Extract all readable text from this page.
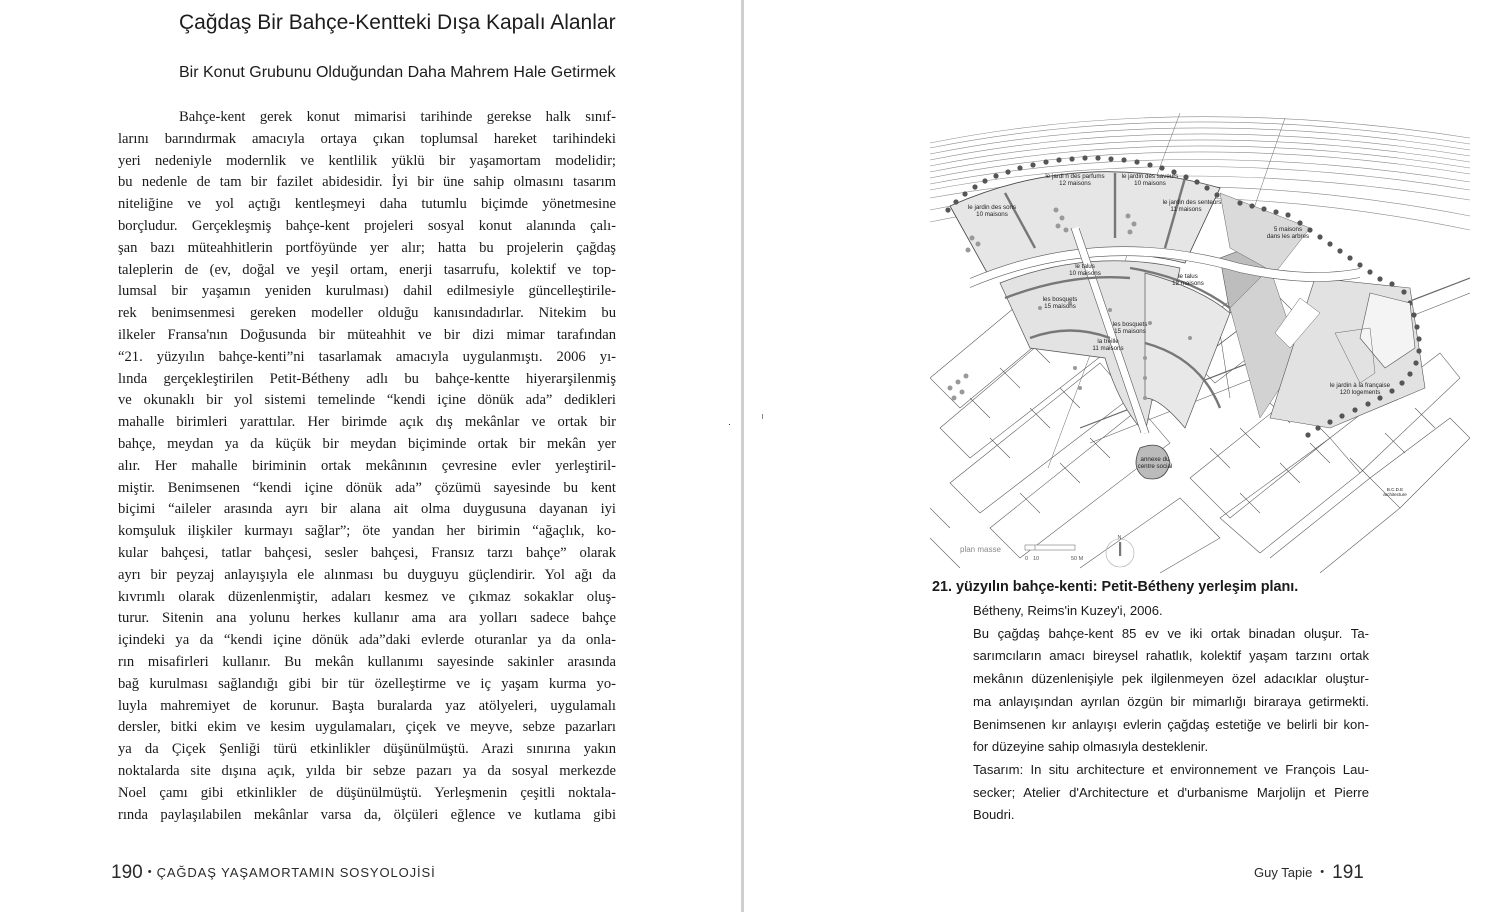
Çağdaş Bir Bahçe-Kentteki Dışa Kapalı Alanlar
Bir Konut Grubunu Olduğundan Daha Mahrem Hale Getirmek
Bahçe-kent gerek konut mimarisi tarihinde gerekse halk sınıf-
larını barındırmak amacıyla ortaya çıkan toplumsal hareket tarihindeki
yeri nedeniyle modernlik ve kentlilik yüklü bir yaşamortam modelidir;
bu nedenle de tam bir fazilet abidesidir. İyi bir üne sahip olmasını tasarım
niteliğine ve yol açtığı kentleşmeyi daha tutumlu biçimde yönetmesine
borçludur. Gerçekleşmiş bahçe-kent projeleri sosyal konut alanında çalı-
şan bazı müteahhitlerin portföyünde yer alır; hatta bu projelerin çağdaş
taleplerin de (ev, doğal ve yeşil ortam, enerji tasarrufu, kolektif ve top-
lumsal bir yaşamın yeniden kurulması) dahil edilmesiyle güncelleştirile-
rek benimsenmesi gereken modeller olduğu kanısındadırlar. Nitekim bu
ilkeler Fransa'nın Doğusunda bir müteahhit ve bir dizi mimar tarafından
“21. yüzyılın bahçe-kenti”ni tasarlamak amacıyla uygulanmıştı. 2006 yı-
lında gerçekleştirilen Petit-Bétheny adlı bu bahçe-kentte hiyerarşilenmiş
ve okunaklı bir yol sistemi temelinde “kendi içine dönük ada” dedikleri
mahalle birimleri yarattılar. Her birimde açık dış mekânlar ve ortak bir
bahçe, meydan ya da küçük bir meydan biçiminde ortak bir mekân yer
alır. Her mahalle biriminin ortak mekânının çevresine evler yerleştiril-
miştir. Benimsenen “kendi içine dönük ada” çözümü sayesinde bu kent
biçimi “aileler arasında ayrı bir alana ait olma duygusuna dayanan iyi
komşuluk ilişkiler kurmayı sağlar”; öte yandan her birimin “ağaçlık, ko-
kular bahçesi, tatlar bahçesi, sesler bahçesi, Fransız tarzı bahçe” olarak
ayrı bir peyzaj anlayışıyla ele alınması bu duyguyu güçlendirir. Yol ağı da
kıvrımlı olarak düzenlenmiştir, adaları kesmez ve çıkmaz sokaklar oluş-
turur. Sitenin ana yolunu herkes kullanır ama ara yolları sadece bahçe
içindeki ya da “kendi içine dönük ada”daki evlerde oturanlar ya da onla-
rın misafirleri kullanır. Bu mekân kullanımı sayesinde sakinler arasında
bağ kurulması sağlandığı gibi bir tür özelleştirme ve iç yaşam kurma yo-
luyla mahremiyet de korunur. Başta buralarda yaz atölyeleri, uygulamalı
dersler, bitki ekim ve kesim uygulamaları, çiçek ve meyve, sebze pazarları
ya da Çiçek Şenliği türü etkinlikler düşünülmüştü. Arazi sınırına yakın
noktalarda site dışına açık, yılda bir sebze pazarı ya da sosyal merkezde
Noel çamı gibi etkinlikler de düşünülmüştü. Yerleşmenin çeşitli noktala-
rında paylaşılabilen mekânlar varsa da, ölçüleri eğlence ve kutlama gibi
190 • ÇAĞDAŞ YAŞAMORTAMIN SOSYOLOJİSİ
le jardin des sons 10 maisons
le jardi n des parfums 12 maisons
le jardin des saveurs 10 maisons
le jardin des senteurs 11 maisons
5 maisons dans les arbres
le talus 10 maisons	le talus 12 maisons
les bosquets 15 maisons
les bosquets 15 maisons
la treille 11 maisons
le jardin à la française 120 logements
annexe du centre social
B.C.D.E architecture
plan masse
0 10	50 M
N
21. yüzyılın bahçe-kenti: Petit-Bétheny yerleşim planı.
Bétheny, Reims'in Kuzey'i, 2006.
Bu çağdaş bahçe-kent 85 ev ve iki ortak binadan oluşur. Ta-
sarımcıların amacı bireysel rahatlık, kolektif yaşam tarzını ortak
mekânın düzenlenişiyle pek ilgilenmeyen özel adacıklar oluştur-
ma anlayışından ayrılan özgün bir mimarlığı biraraya getirmekti.
Benimsenen kır anlayışı evlerin çağdaş estetiğe ve belirli bir kon-
for düzeyine sahip olmasıyla desteklenir.
Tasarım: In situ architecture et environnement ve François Lau-
secker; Atelier d'Architecture et d'urbanisme Marjolijn et Pierre
Boudri.
Guy Tapie • 191
